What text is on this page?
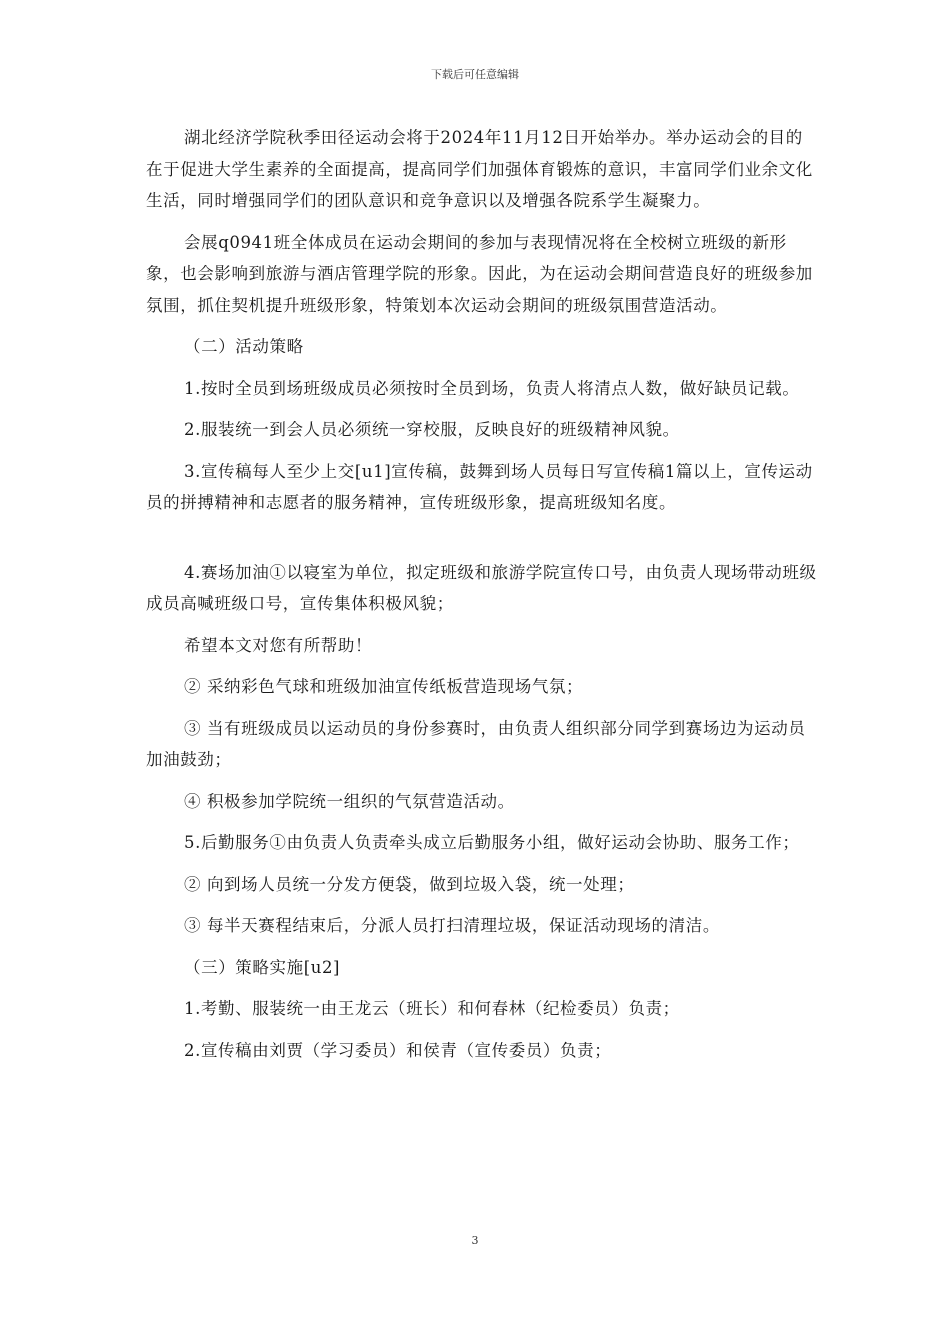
下载后可任意编辑

湖北经济学院秋季田径运动会将于2024年11月12日开始举办。举办运动会的目的在于促进大学生素养的全面提高，提高同学们加强体育锻炼的意识，丰富同学们业余文化生活，同时增强同学们的团队意识和竞争意识以及增强各院系学生凝聚力。

会展q0941班全体成员在运动会期间的参加与表现情况将在全校树立班级的新形象，也会影响到旅游与酒店管理学院的形象。因此，为在运动会期间营造良好的班级参加氛围，抓住契机提升班级形象，特策划本次运动会期间的班级氛围营造活动。

（二）活动策略

1.按时全员到场班级成员必须按时全员到场，负责人将清点人数，做好缺员记载。

2.服装统一到会人员必须统一穿校服，反映良好的班级精神风貌。

3.宣传稿每人至少上交[u1]宣传稿，鼓舞到场人员每日写宣传稿1篇以上，宣传运动员的拼搏精神和志愿者的服务精神，宣传班级形象，提高班级知名度。

4.赛场加油①以寝室为单位，拟定班级和旅游学院宣传口号，由负责人现场带动班级成员高喊班级口号，宣传集体积极风貌；

希望本文对您有所帮助！

② 采纳彩色气球和班级加油宣传纸板营造现场气氛；

③ 当有班级成员以运动员的身份参赛时，由负责人组织部分同学到赛场边为运动员加油鼓劲；

④ 积极参加学院统一组织的气氛营造活动。

5.后勤服务①由负责人负责牵头成立后勤服务小组，做好运动会协助、服务工作；

② 向到场人员统一分发方便袋，做到垃圾入袋，统一处理；

③ 每半天赛程结束后，分派人员打扫清理垃圾，保证活动现场的清洁。

（三）策略实施[u2]

1.考勤、服装统一由王龙云（班长）和何春林（纪检委员）负责；

2.宣传稿由刘贾（学习委员）和侯青（宣传委员）负责；

3
